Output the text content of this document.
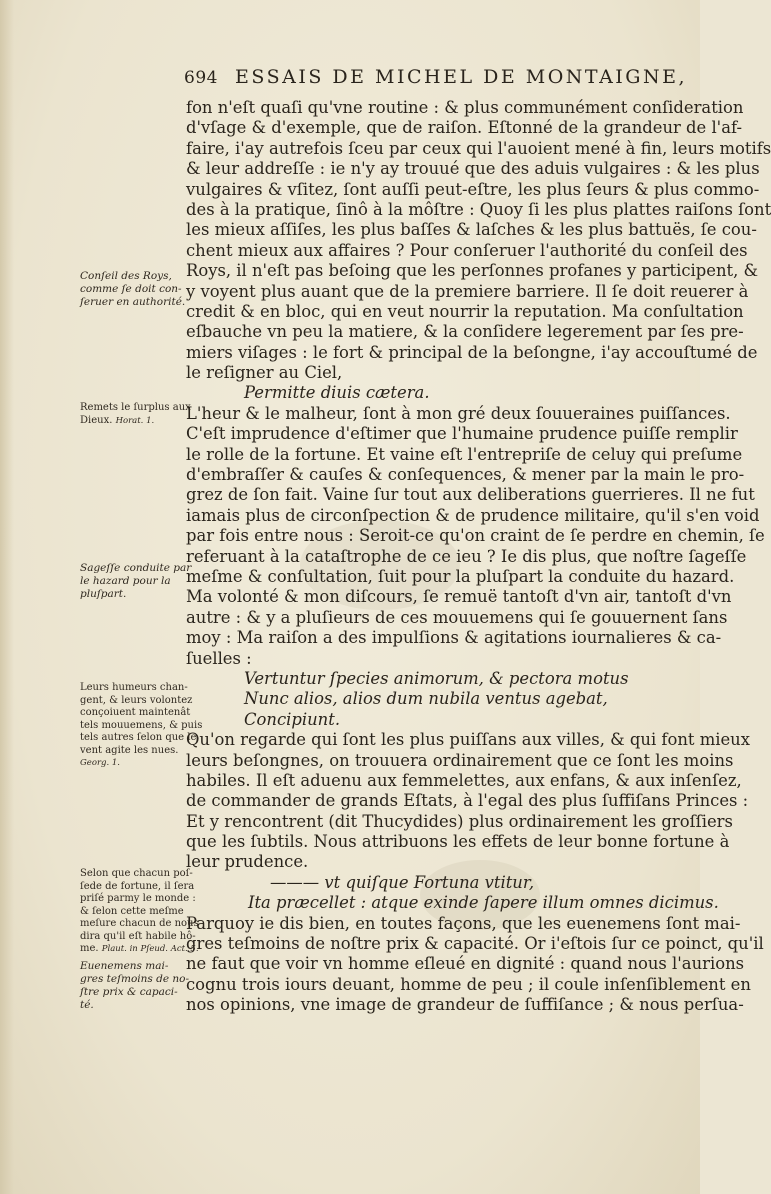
694 ESSAIS DE MICHEL DE MONTAIGNE,
fon n'eſt quaſi qu'vne routine : & plus communément conſideration
d'vſage & d'exemple, que de raiſon. Eſtonné de la grandeur de l'af-
faire, i'ay autrefois ſceu par ceux qui l'auoient mené à fin, leurs motifs
& leur addreſſe : ie n'y ay trouué que des aduis vulgaires : & les plus
vulgaires & vſitez, ſont auſſi peut-eſtre, les plus ſeurs & plus commo-
des à la pratique, ſinô à la môſtre : Quoy ſi les plus plattes raiſons ſont
les mieux aſſiſes, les plus baſſes & laſches & les plus battuës, ſe cou-
chent mieux aux affaires ? Pour conſeruer l'authorité du conſeil des
Roys, il n'eſt pas beſoing que les perſonnes profanes y participent, &
y voyent plus auant que de la premiere barriere. Il ſe doit reuerer à
credit & en bloc, qui en veut nourrir la reputation. Ma conſultation
eſbauche vn peu la matiere, & la conſidere legerement par ſes pre-
miers viſages : le fort & principal de la beſongne, i'ay accouſtumé de
le reſigner au Ciel,
Permitte diuis cætera.
L'heur & le malheur, ſont à mon gré deux ſouueraines puiſſances.
C'eſt imprudence d'eſtimer que l'humaine prudence puiſſe remplir
le rolle de la fortune. Et vaine eſt l'entrepriſe de celuy qui preſume
d'embraſſer & cauſes & conſequences, & mener par la main le pro-
grez de ſon fait. Vaine ſur tout aux deliberations guerrieres. Il ne fut
iamais plus de circonſpection & de prudence militaire, qu'il s'en void
par fois entre nous : Seroit-ce qu'on craint de ſe perdre en chemin, ſe
referuant à la cataſtrophe de ce ieu ? Ie dis plus, que noſtre ſageſſe
meſme & conſultation, ſuit pour la pluſpart la conduite du hazard.
Ma volonté & mon diſcours, ſe remuë tantoſt d'vn air, tantoſt d'vn
autre : & y a pluſieurs de ces mouuemens qui ſe gouuernent ſans
moy : Ma raiſon a des impulſions & agitations iournalieres & ca-
ſuelles :
Vertuntur ſpecies animorum, & pectora motus
Nunc alios, alios dum nubila ventus agebat,
Concipiunt.
Qu'on regarde qui ſont les plus puiſſans aux villes, & qui font mieux
leurs beſongnes, on trouuera ordinairement que ce ſont les moins
habiles. Il eſt aduenu aux femmelettes, aux enfans, & aux inſenſez,
de commander de grands Eſtats, à l'egal des plus ſuffiſans Princes :
Et y rencontrent (dit Thucydides) plus ordinairement les groſſiers
que les ſubtils. Nous attribuons les effets de leur bonne fortune à
leur prudence.
——— vt quiſque Fortuna vtitur,
Ita præcellet : atque exinde ſapere illum omnes dicimus.
Parquoy ie dis bien, en toutes façons, que les euenemens ſont mai-
gres teſmoins de noſtre prix & capacité. Or i'eſtois ſur ce poinct, qu'il
ne faut que voir vn homme eſleué en dignité : quand nous l'aurions
cognu trois iours deuant, homme de peu ; il coule inſenſiblement en
nos opinions, vne image de grandeur de ſuffiſance ; & nous perſua-
Conſeil des Roys,
comme ſe doit con-
ſeruer en authorité.
Remets le ſurplus aux
Dieux. Horat. 1.
Sageſſe conduite par
le hazard pour la
pluſpart.
Leurs humeurs chan-
gent, & leurs volontez
conçoiuent maintenât
tels mouuemens, & puis
tels autres ſelon que le
vent agite les nues.
Georg. 1.
Selon que chacun poſ-
ſede de fortune, il ſera
priſé parmy le monde :
& ſelon cette meſme
meſure chacun de nous
dira qu'il eſt habile hô-
me. Plaut. in Pſeud. Act. 5.
Euenemens mai-
gres teſmoins de no-
ſtre prix & capaci-
té.
